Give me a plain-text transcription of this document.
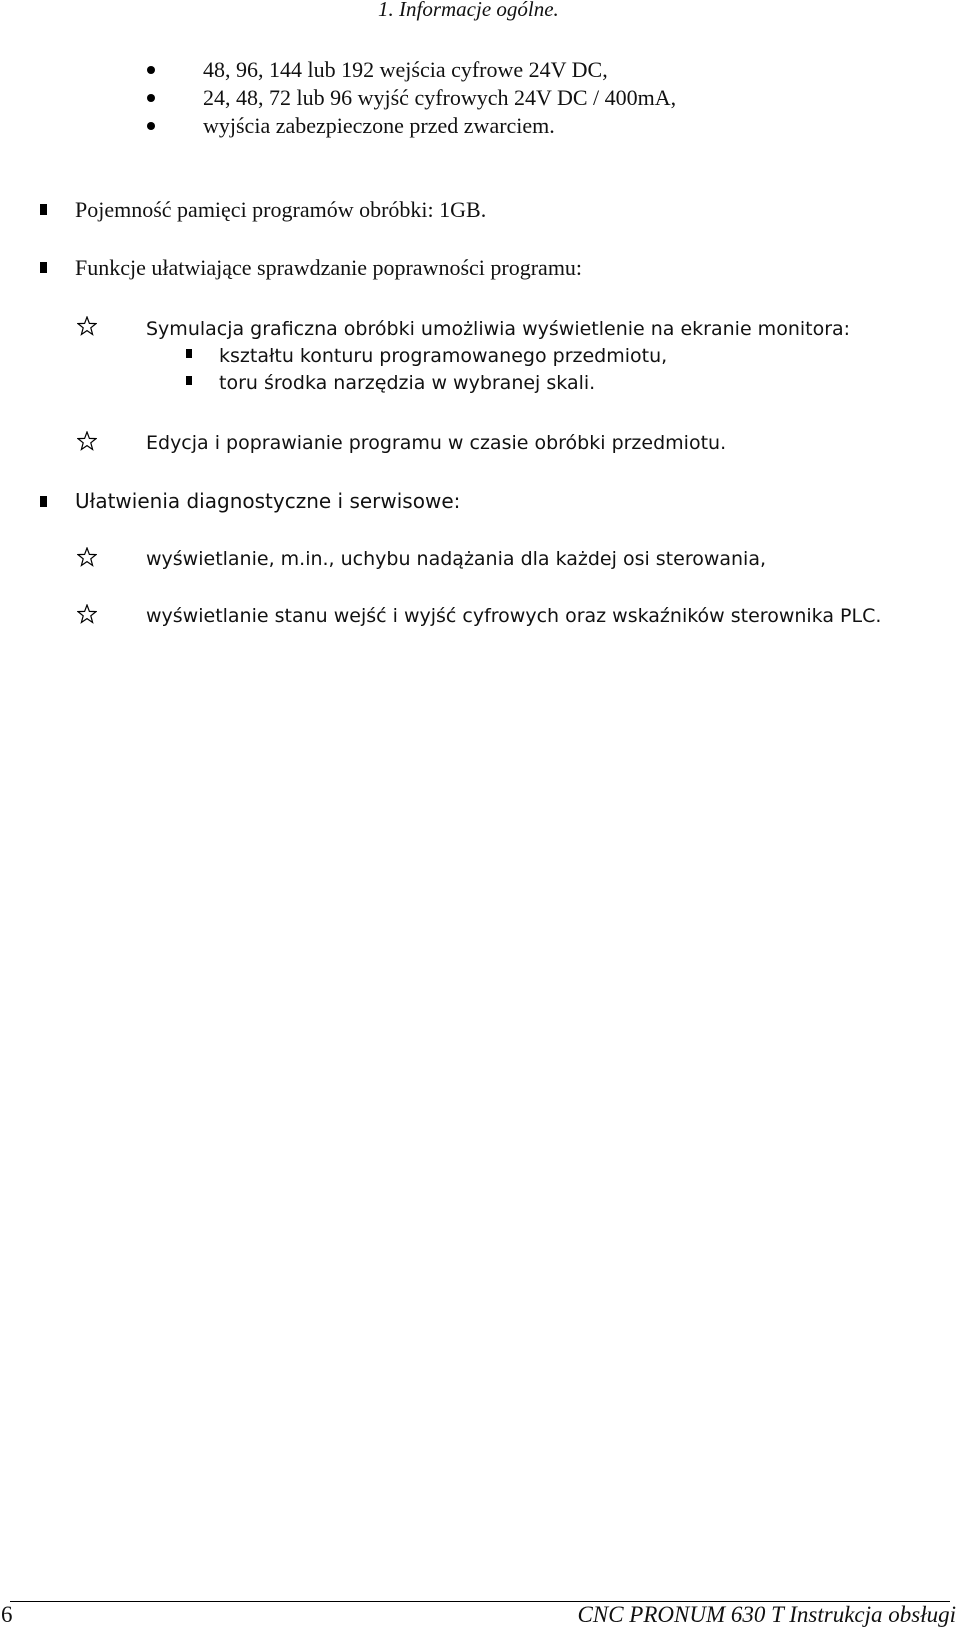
1. Informacje ogólne.
48, 96, 144 lub 192 wejścia cyfrowe 24V DC,
24, 48, 72 lub 96 wyjść cyfrowych 24V DC / 400mA,
wyjścia zabezpieczone przed zwarciem.
Pojemność pamięci programów obróbki: 1GB.
Funkcje ułatwiające sprawdzanie poprawności programu:
Symulacja graficzna obróbki umożliwia wyświetlenie na ekranie monitora:
kształtu konturu programowanego przedmiotu,
toru środka narzędzia w wybranej skali.
Edycja i poprawianie programu w czasie obróbki przedmiotu.
Ułatwienia diagnostyczne i serwisowe:
wyświetlanie, m.in., uchybu nadążania dla każdej osi sterowania,
wyświetlanie stanu wejść i wyjść cyfrowych oraz wskaźników sterownika PLC.
6	CNC PRONUM 630 T Instrukcja obsługi
